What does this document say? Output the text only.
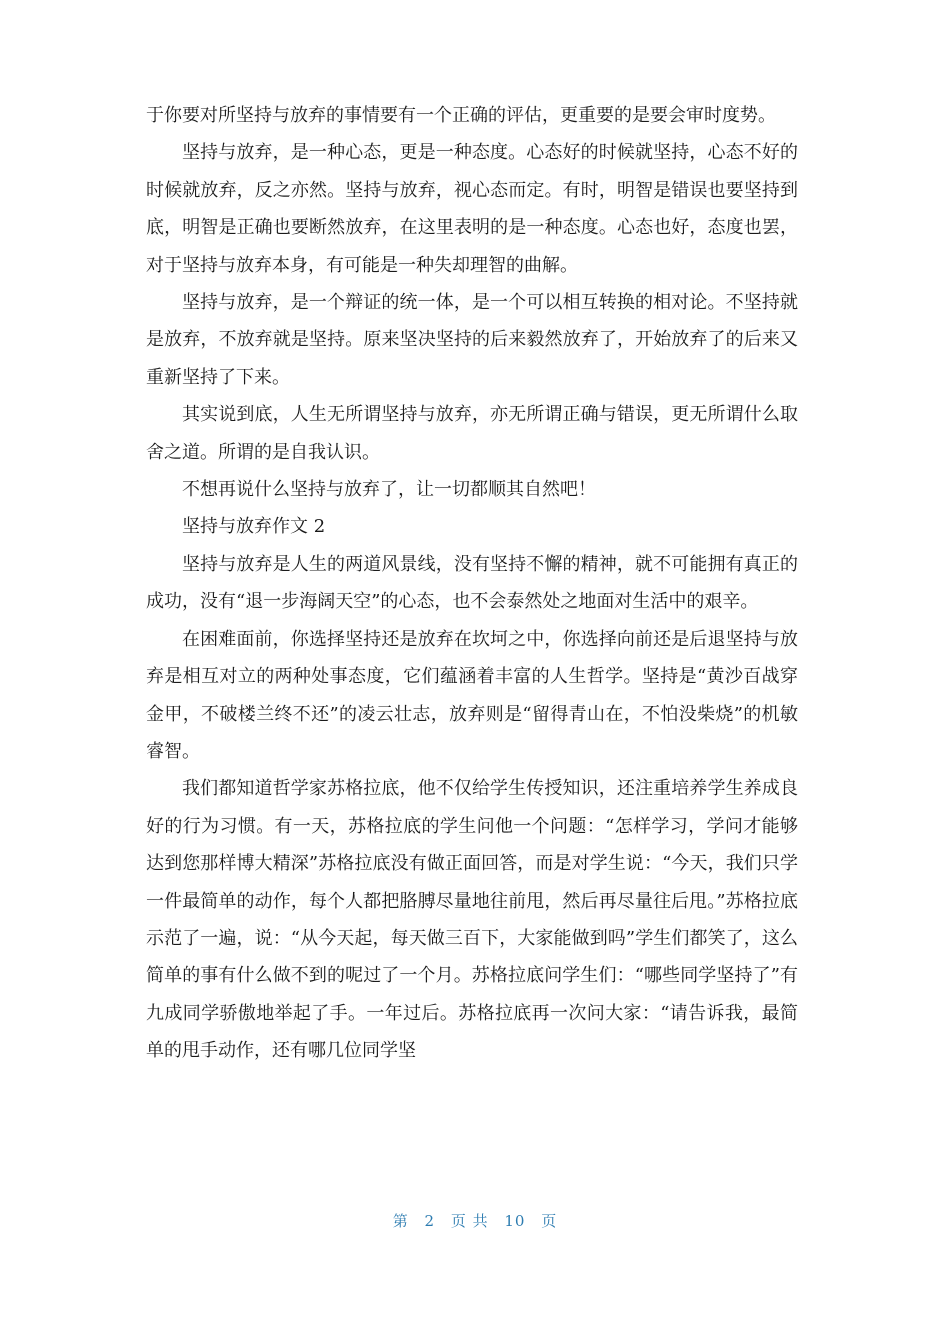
于你要对所坚持与放弃的事情要有一个正确的评估，更重要的是要会审时度势。

坚持与放弃，是一种心态，更是一种态度。心态好的时候就坚持，心态不好的时候就放弃，反之亦然。坚持与放弃，视心态而定。有时，明智是错误也要坚持到底，明智是正确也要断然放弃，在这里表明的是一种态度。心态也好，态度也罢，对于坚持与放弃本身，有可能是一种失却理智的曲解。

坚持与放弃，是一个辩证的统一体，是一个可以相互转换的相对论。不坚持就是放弃，不放弃就是坚持。原来坚决坚持的后来毅然放弃了，开始放弃了的后来又重新坚持了下来。

其实说到底，人生无所谓坚持与放弃，亦无所谓正确与错误，更无所谓什么取舍之道。所谓的是自我认识。

不想再说什么坚持与放弃了，让一切都顺其自然吧！

坚持与放弃作文 2

坚持与放弃是人生的两道风景线，没有坚持不懈的精神，就不可能拥有真正的成功，没有“退一步海阔天空”的心态，也不会泰然处之地面对生活中的艰辛。

在困难面前，你选择坚持还是放弃在坎坷之中，你选择向前还是后退坚持与放弃是相互对立的两种处事态度，它们蕴涵着丰富的人生哲学。坚持是“黄沙百战穿金甲，不破楼兰终不还”的凌云壮志，放弃则是“留得青山在，不怕没柴烧”的机敏睿智。

我们都知道哲学家苏格拉底，他不仅给学生传授知识，还注重培养学生养成良好的行为习惯。有一天，苏格拉底的学生问他一个问题：“怎样学习，学问才能够达到您那样博大精深”苏格拉底没有做正面回答，而是对学生说：“今天，我们只学一件最简单的动作，每个人都把胳膊尽量地往前甩，然后再尽量往后甩。”苏格拉底示范了一遍，说：“从今天起，每天做三百下，大家能做到吗”学生们都笑了，这么简单的事有什么做不到的呢过了一个月。苏格拉底问学生们：“哪些同学坚持了”有九成同学骄傲地举起了手。一年过后。苏格拉底再一次问大家：“请告诉我，最简单的甩手动作，还有哪几位同学坚

第 2 页 共 10 页
